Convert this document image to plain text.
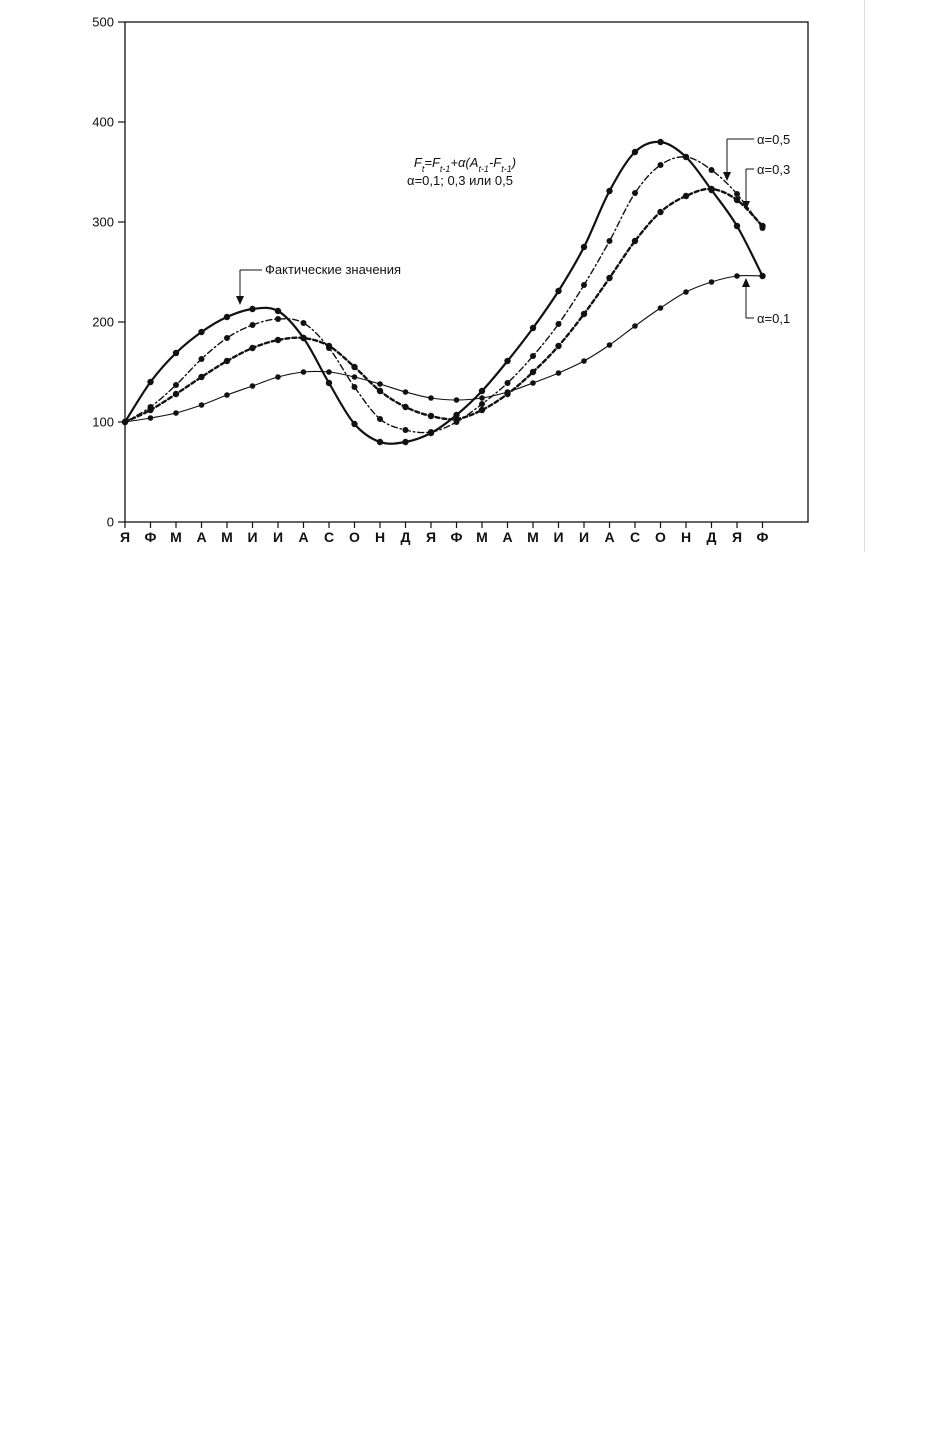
0
100
200
300
400
500
Я Ф М А М И И А С О Н Д Я Ф М А М И И А С О Н Д Я Ф
$F_t=F_{t-1}+\alpha(A_{t-1}-F_{t-1})$
α=0,1; 0,3 или 0,5
Фактические значения
α=0,5
α=0,3
α=0,1
